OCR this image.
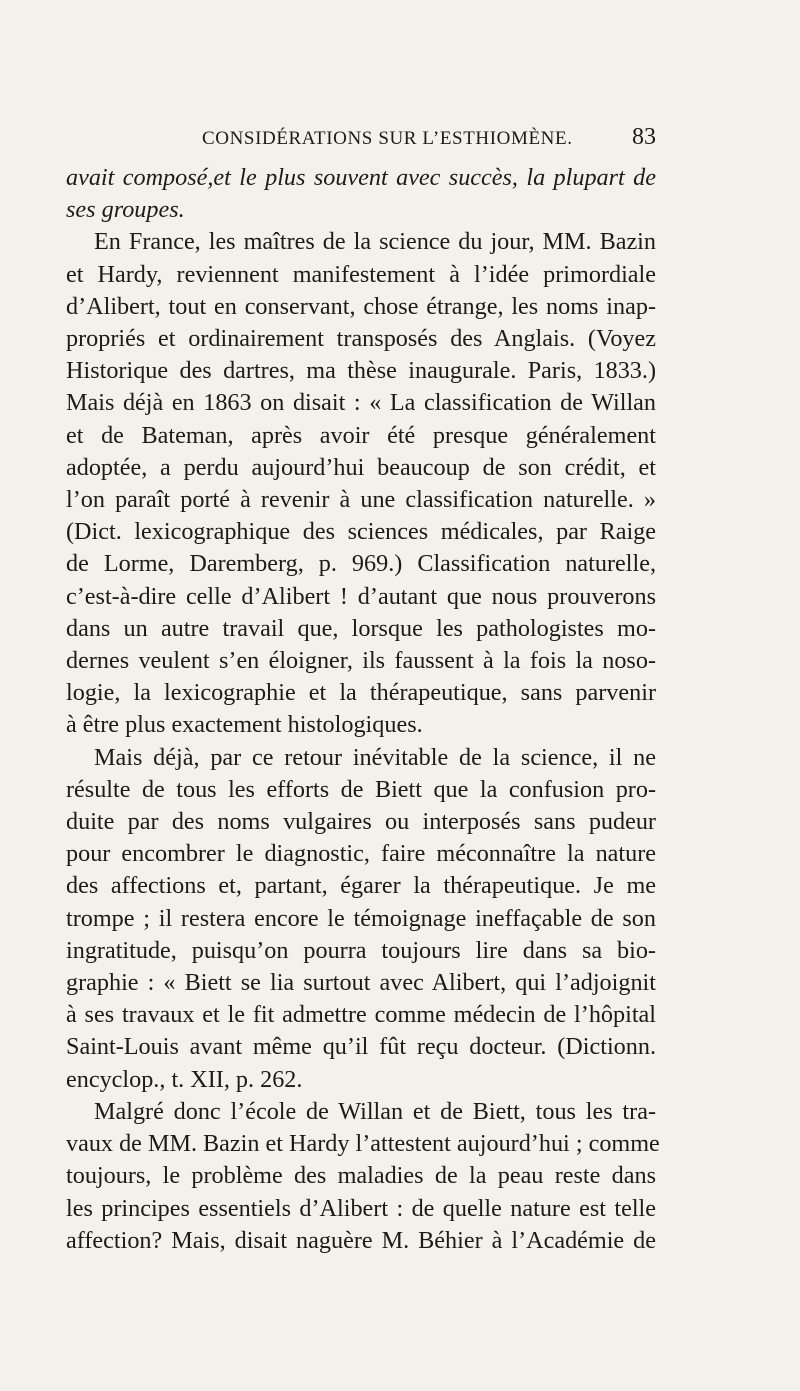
CONSIDÉRATIONS SUR L’ESTHIOMÈNE. 83

avait composé,et le plus souvent avec succès, la plupart de
ses groupes.

En France, les maîtres de la science du jour, MM. Bazin
et Hardy, reviennent manifestement à l’idée primordiale
d’Alibert, tout en conservant, chose étrange, les noms inap-
propriés et ordinairement transposés des Anglais. (Voyez
Historique des dartres, ma thèse inaugurale. Paris, 1833.)
Mais déjà en 1863 on disait : « La classification de Willan
et de Bateman, après avoir été presque généralement
adoptée, a perdu aujourd’hui beaucoup de son crédit, et
l’on paraît porté à revenir à une classification naturelle. »
(Dict. lexicographique des sciences médicales, par Raige
de Lorme, Daremberg, p. 969.) Classification naturelle,
c’est-à-dire celle d’Alibert ! d’autant que nous prouverons
dans un autre travail que, lorsque les pathologistes mo-
dernes veulent s’en éloigner, ils faussent à la fois la noso-
logie, la lexicographie et la thérapeutique, sans parvenir
à être plus exactement histologiques.

Mais déjà, par ce retour inévitable de la science, il ne
résulte de tous les efforts de Biett que la confusion pro-
duite par des noms vulgaires ou interposés sans pudeur
pour encombrer le diagnostic, faire méconnaître la nature
des affections et, partant, égarer la thérapeutique. Je me
trompe ; il restera encore le témoignage ineffaçable de son
ingratitude, puisqu’on pourra toujours lire dans sa bio-
graphie : « Biett se lia surtout avec Alibert, qui l’adjoignit
à ses travaux et le fit admettre comme médecin de l’hôpital
Saint-Louis avant même qu’il fût reçu docteur. (Dictionn.
encyclop., t. XII, p. 262.

Malgré donc l’école de Willan et de Biett, tous les tra-
vaux de MM. Bazin et Hardy l’attestent aujourd’hui ; comme
toujours, le problème des maladies de la peau reste dans
les principes essentiels d’Alibert : de quelle nature est telle
affection? Mais, disait naguère M. Béhier à l’Académie de
